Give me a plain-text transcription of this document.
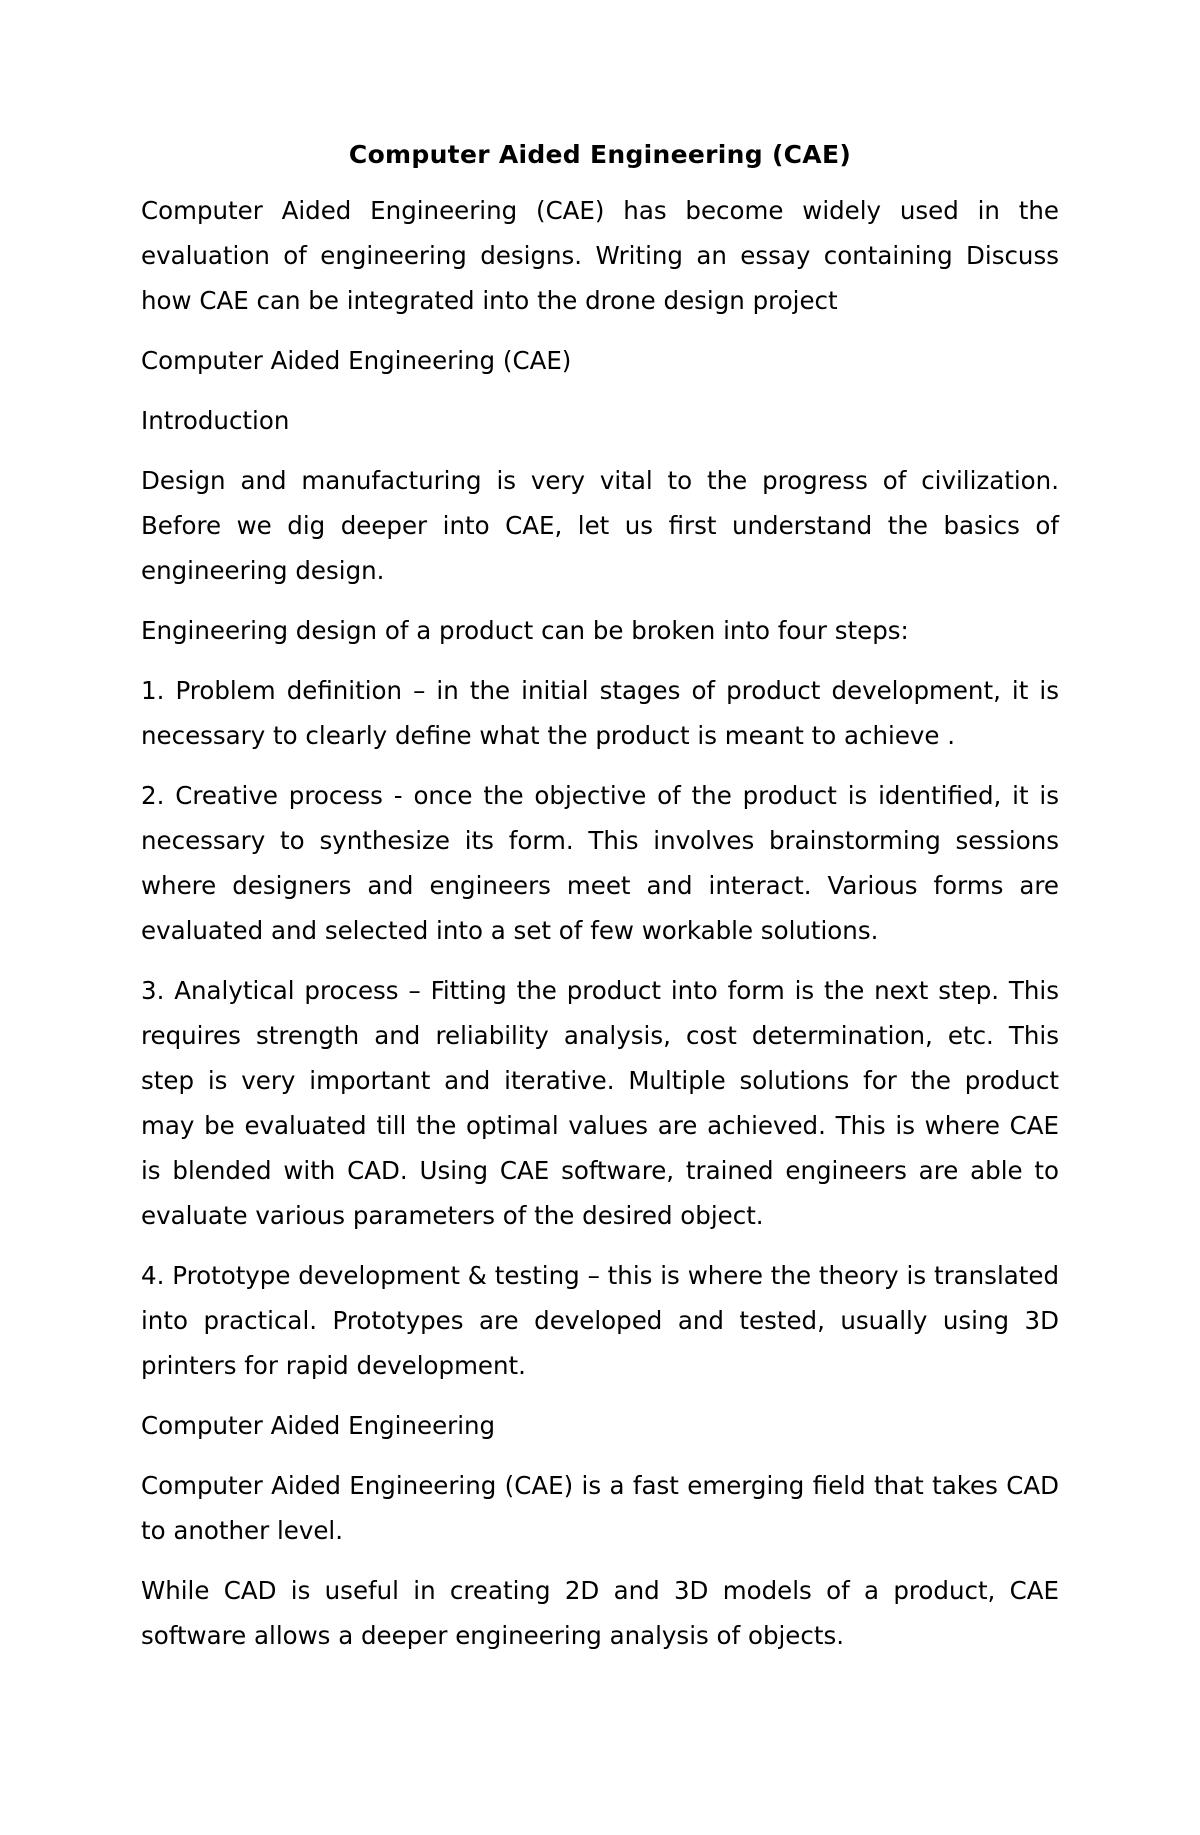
Computer Aided Engineering (CAE)

Computer Aided Engineering (CAE) has become widely used in the evaluation of engineering designs. Writing an essay containing Discuss how CAE can be integrated into the drone design project

Computer Aided Engineering (CAE)

Introduction

Design and manufacturing is very vital to the progress of civilization. Before we dig deeper into CAE, let us first understand the basics of engineering design.

Engineering design of a product can be broken into four steps:

1. Problem definition – in the initial stages of product development, it is necessary to clearly define what the product is meant to achieve .

2. Creative process - once the objective of the product is identified, it is necessary to synthesize its form. This involves brainstorming sessions where designers and engineers meet and interact. Various forms are evaluated and selected into a set of few workable solutions.

3. Analytical process – Fitting the product into form is the next step. This requires strength and reliability analysis, cost determination, etc. This step is very important and iterative. Multiple solutions for the product may be evaluated till the optimal values are achieved. This is where CAE is blended with CAD. Using CAE software, trained engineers are able to evaluate various parameters of the desired object.

4. Prototype development & testing – this is where the theory is translated into practical. Prototypes are developed and tested, usually using 3D printers for rapid development.

Computer Aided Engineering

Computer Aided Engineering (CAE) is a fast emerging field that takes CAD to another level.

While CAD is useful in creating 2D and 3D models of a product, CAE software allows a deeper engineering analysis of objects.
